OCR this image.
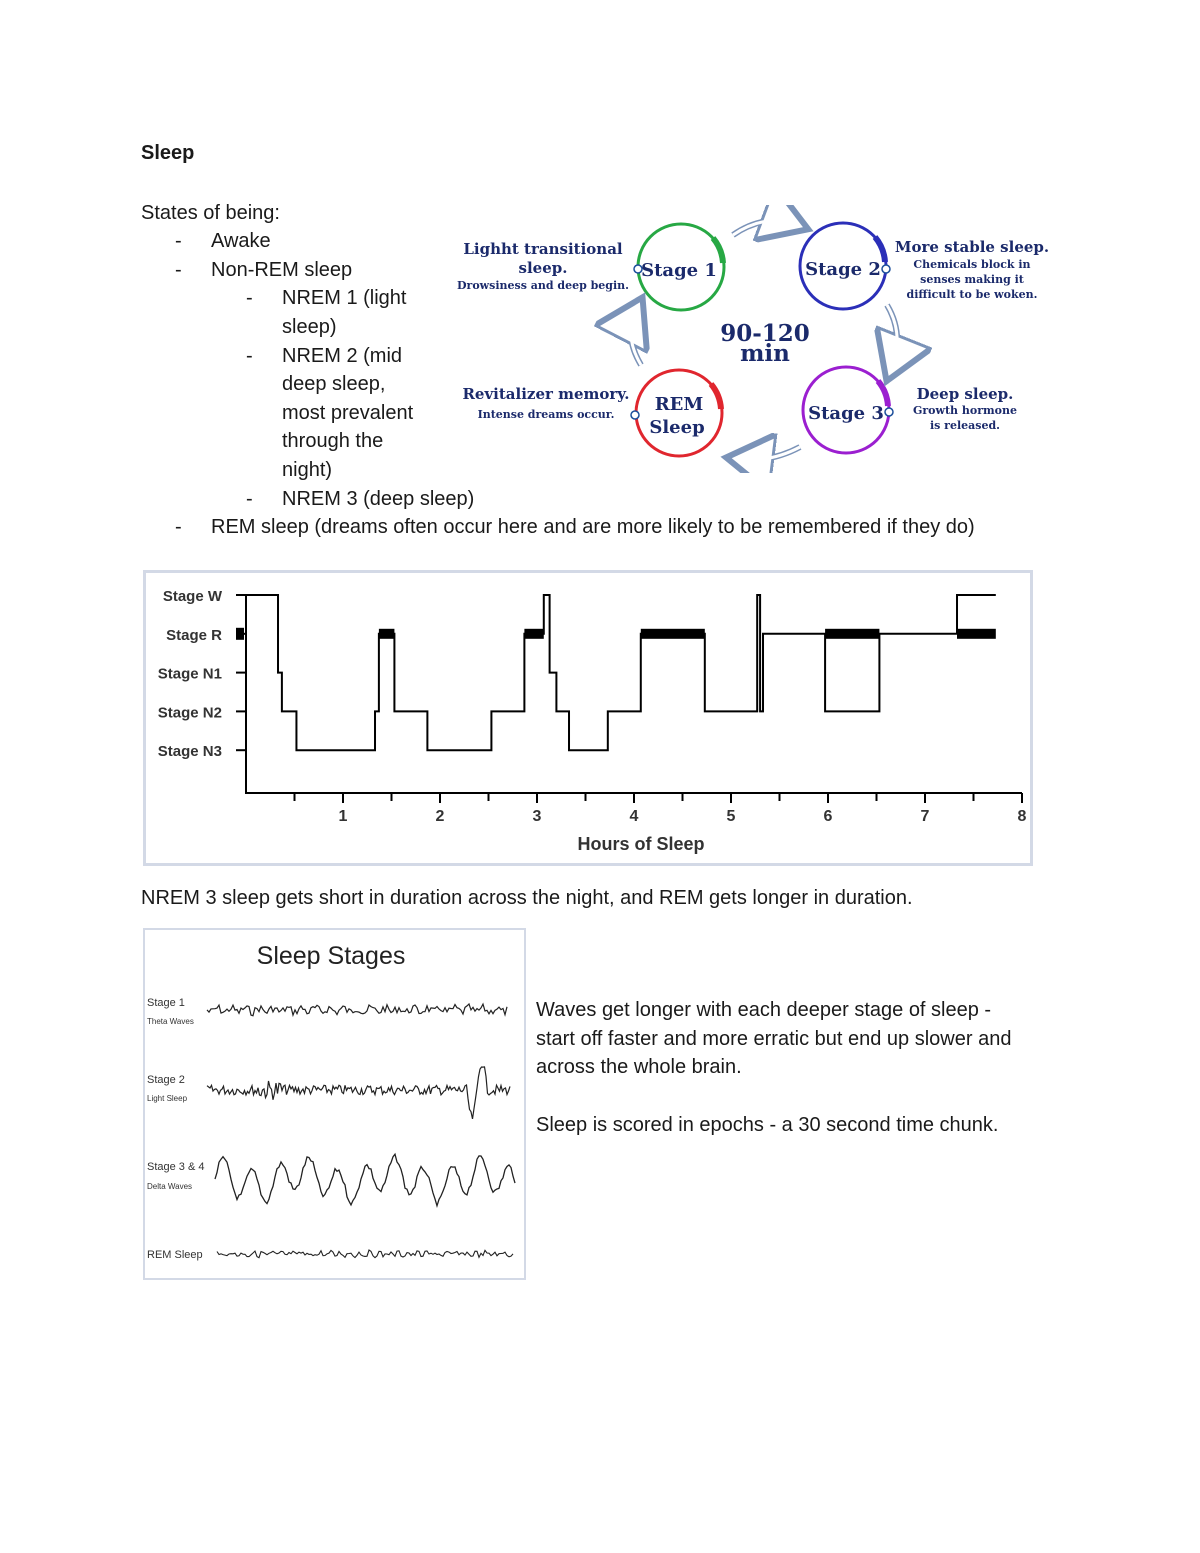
Sleep
States of being:
- Awake
- Non-REM sleep
- NREM 1 (light
sleep)
- NREM 2 (mid
deep sleep,
most prevalent
through the
night)
- NREM 3 (deep sleep)
- REM sleep (dreams often occur here and are more likely to be remembered if they do)
Stage 1	Stage 2
Stage 3
REM
Sleep
90-120
min
Lighht transitional
sleep.
Drowsiness and deep begin.
More stable sleep.
Chemicals block in
senses making it
difficult to be woken.
Deep sleep.
Growth hormone
is released.
Revitalizer memory.
Intense dreams occur.
Stage W
Stage R
Stage N1
Stage N2
Stage N3
1	2	3	4	5	6	7	8
Hours of Sleep
NREM 3 sleep gets short in duration across the night, and REM gets longer in duration.
Sleep Stages
Stage 1
Theta Waves
Stage 2
Light Sleep
Stage 3 & 4
Delta Waves
REM Sleep
Waves get longer with each deeper stage of sleep -
start off faster and more erratic but end up slower and
across the whole brain.
Sleep is scored in epochs - a 30 second time chunk.
